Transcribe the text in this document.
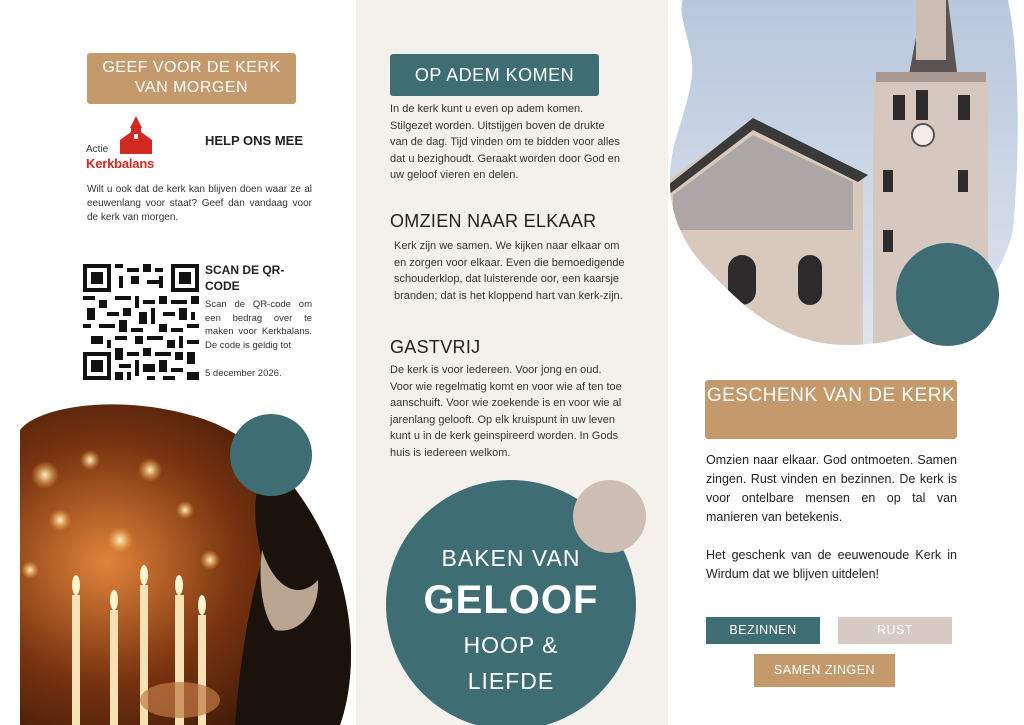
GEEF VOOR DE KERK VAN MORGEN
Actie
Kerkbalans
HELP ONS MEE
Wilt u ook dat de kerk kan blijven doen waar ze al eeuwenlang voor staat? Geef dan vandaag voor de kerk van morgen.
SCAN DE QR-CODE
Scan de QR-code om een bedrag over te maken voor Kerkbalans. De code is geldig tot
5 december 2026.
OP ADEM KOMEN
In de kerk kunt u even op adem komen. Stilgezet worden. Uitstijgen boven de drukte van de dag. Tijd vinden om te bidden voor alles dat u bezighoudt. Geraakt worden door God en uw geloof vieren en delen.
OMZIEN NAAR ELKAAR
Kerk zijn we samen. We kijken naar elkaar om en zorgen voor elkaar. Even die bemoedigende schouderklop, dat luisterende oor, een kaarsje branden; dat is het kloppend hart van kerk-zijn.
GASTVRIJ
De kerk is voor iedereen. Voor jong en oud. Voor wie regelmatig komt en voor wie af ten toe aanschuift. Voor wie zoekende is en voor wie al jarenlang gelooft. Op elk kruispunt in uw leven kunt u in de kerk geinspireerd worden. In Gods huis is iedereen welkom.
BAKEN VAN
GELOOF
HOOP &
LIEFDE
GESCHENK VAN DE KERK
Omzien naar elkaar. God ontmoeten. Samen zingen. Rust vinden en bezinnen. De kerk is voor ontelbare mensen en op tal van manieren van betekenis.
Het geschenk van de eeuwenoude Kerk in Wirdum dat we blijven uitdelen!
BEZINNEN	RUST
SAMEN ZINGEN
